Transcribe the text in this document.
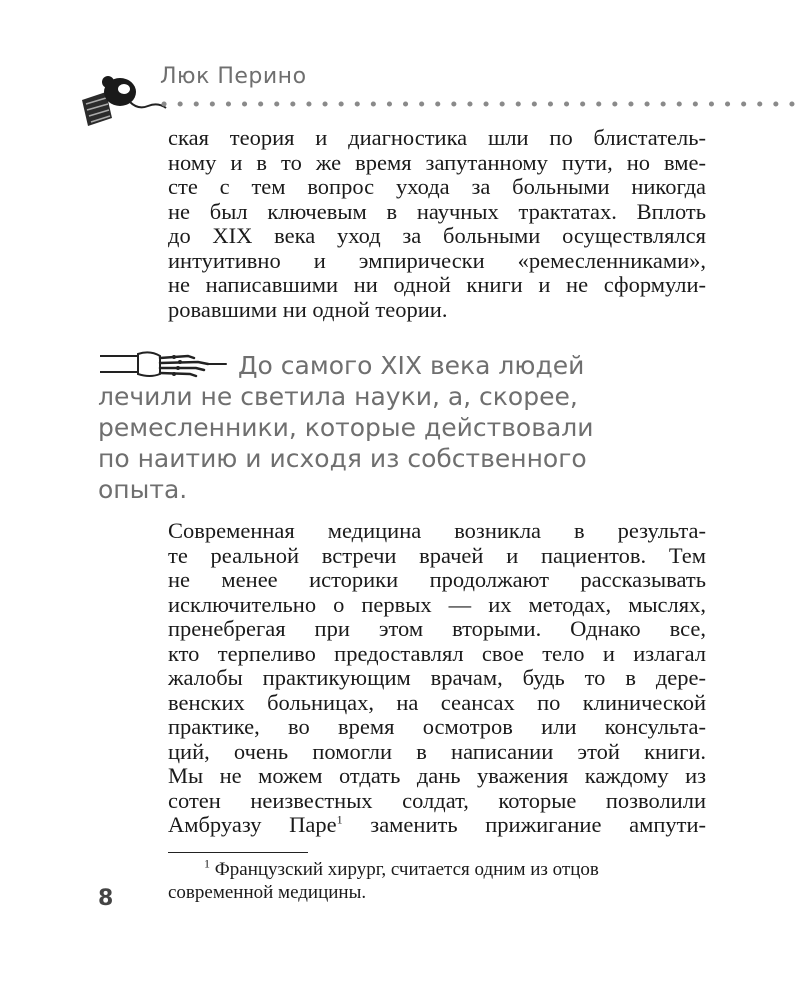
Люк Перино
ская теория и диагностика шли по блистатель-
ному и в то же время запутанному пути, но вме-
сте с тем вопрос ухода за больными никогда
не был ключевым в научных трактатах. Вплоть
до XIX века уход за больными осуществлялся
интуитивно и эмпирически «ремесленниками»,
не написавшими ни одной книги и не сформули-
ровавшими ни одной теории.
До самого XIX века людей
лечили не светила науки, а, скорее,
ремесленники, которые действовали
по наитию и исходя из собственного
опыта.
Современная медицина возникла в результа-
те реальной встречи врачей и пациентов. Тем
не менее историки продолжают рассказывать
исключительно о первых — их методах, мыслях,
пренебрегая при этом вторыми. Однако все,
кто терпеливо предоставлял свое тело и излагал
жалобы практикующим врачам, будь то в дере-
венских больницах, на сеансах по клинической
практике, во время осмотров или консульта-
ций, очень помогли в написании этой книги.
Мы не можем отдать дань уважения каждому из
сотен неизвестных солдат, которые позволили
Амбруазу Паре$^1$ заменить прижигание ампути-
$^1$ Французский хирург, считается одним из отцов
современной медицины.
8
